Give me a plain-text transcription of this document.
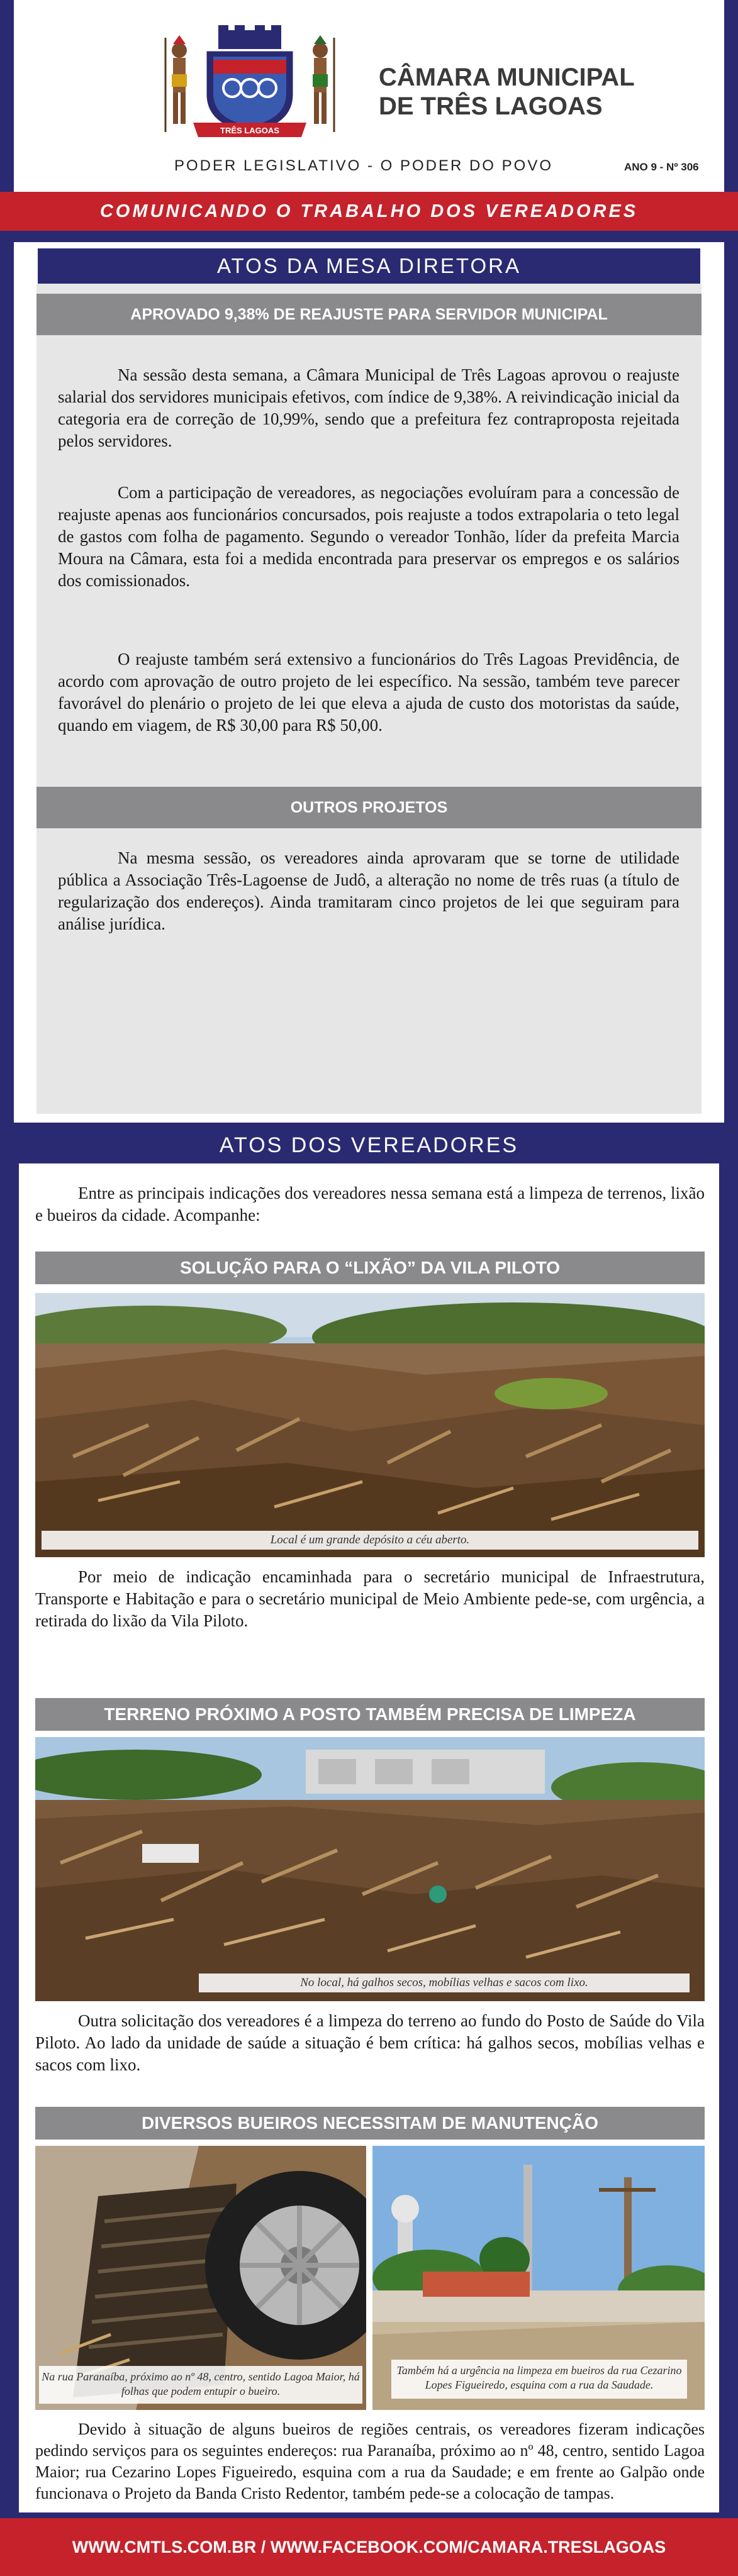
TRÊS LAGOAS
CÂMARA MUNICIPAL
DE TRÊS LAGOAS
PODER LEGISLATIVO - O PODER DO POVO	ANO 9 - Nº 306
COMUNICANDO O TRABALHO DOS VEREADORES
ATOS DA MESA DIRETORA
APROVADO 9,38% DE REAJUSTE PARA SERVIDOR MUNICIPAL
Na sessão desta semana, a Câmara Municipal de Três Lagoas aprovou o reajuste salarial dos servidores municipais efetivos, com índice de 9,38%. A reivindicação inicial da categoria era de correção de 10,99%, sendo que a prefeitura fez contraproposta rejeitada pelos servidores.
Com a participação de vereadores, as negociações evoluíram para a concessão de reajuste apenas aos funcionários concursados, pois reajuste a todos extrapolaria o teto legal de gastos com folha de pagamento. Segundo o vereador Tonhão, líder da prefeita Marcia Moura na Câmara, esta foi a medida encontrada para preservar os empregos e os salários dos comissionados.
O reajuste também será extensivo a funcionários do Três Lagoas Previdência, de acordo com aprovação de outro projeto de lei específico. Na sessão, também teve parecer favorável do plenário o projeto de lei que eleva a ajuda de custo dos motoristas da saúde, quando em viagem, de R$ 30,00 para R$ 50,00.
OUTROS PROJETOS
Na mesma sessão, os vereadores ainda aprovaram que se torne de utilidade pública a Associação Três-Lagoense de Judô, a alteração no nome de três ruas (a título de regularização dos endereços). Ainda tramitaram cinco projetos de lei que seguiram para análise jurídica.
ATOS DOS VEREADORES
Entre as principais indicações dos vereadores nessa semana está a limpeza de terrenos, lixão e bueiros da cidade. Acompanhe:
SOLUÇÃO PARA O “LIXÃO” DA VILA PILOTO
Local é um grande depósito a céu aberto.
Por meio de indicação encaminhada para o secretário municipal de Infraestrutura, Transporte e Habitação e para o secretário municipal de Meio Ambiente pede-se, com urgência, a retirada do lixão da Vila Piloto.
TERRENO PRÓXIMO A POSTO TAMBÉM PRECISA DE LIMPEZA
No local, há galhos secos, mobílias velhas e sacos com lixo.
Outra solicitação dos vereadores é a limpeza do terreno ao fundo do Posto de Saúde do Vila Piloto. Ao lado da unidade de saúde a situação é bem crítica: há galhos secos, mobílias velhas e sacos com lixo.
DIVERSOS BUEIROS NECESSITAM DE MANUTENÇÃO
Na rua Paranaíba, próximo ao nº 48, centro, sentido Lagoa Maior, há folhas que podem entupir o bueiro.
Também há a urgência na limpeza em bueiros da rua Cezarino Lopes Figueiredo, esquina com a rua da Saudade.
Devido à situação de alguns bueiros de regiões centrais, os vereadores fizeram indicações pedindo serviços para os seguintes endereços: rua Paranaíba, próximo ao nº 48, centro, sentido Lagoa Maior; rua Cezarino Lopes Figueiredo, esquina com a rua da Saudade; e em frente ao Galpão onde funcionava o Projeto da Banda Cristo Redentor, também pede-se a colocação de tampas.
WWW.CMTLS.COM.BR / WWW.FACEBOOK.COM/CAMARA.TRESLAGOAS
